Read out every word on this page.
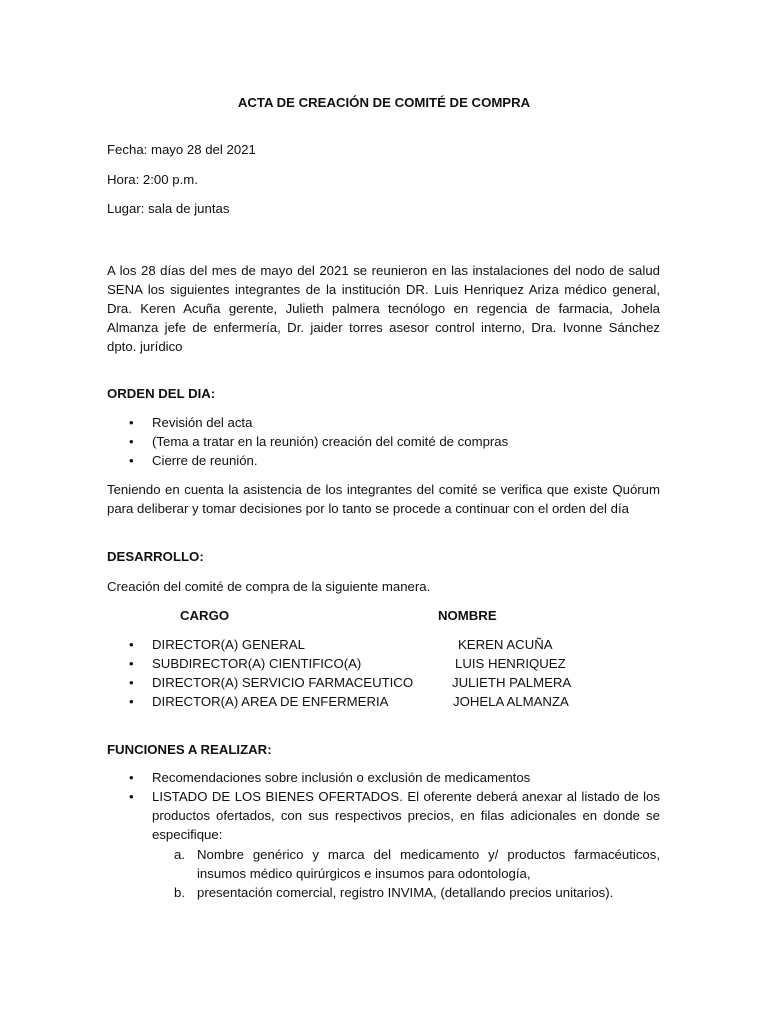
ACTA DE CREACIÓN DE COMITÉ DE COMPRA
Fecha: mayo 28 del 2021
Hora: 2:00 p.m.
Lugar: sala de juntas
A los 28 días del mes de mayo del 2021 se reunieron en las instalaciones del nodo de salud SENA los siguientes integrantes de la institución DR. Luis Henriquez Ariza médico general, Dra. Keren Acuña gerente, Julieth palmera tecnólogo en regencia de farmacia, Johela Almanza jefe de enfermería, Dr. jaider torres asesor control interno, Dra. Ivonne Sánchez dpto. jurídico
ORDEN DEL DIA:
• Revisión del acta
• (Tema a tratar en la reunión) creación del comité de compras
• Cierre de reunión.
Teniendo en cuenta la asistencia de los integrantes del comité se verifica que existe Quórum para deliberar y tomar decisiones por lo tanto se procede a continuar con el orden del día
DESARROLLO:
Creación del comité de compra de la siguiente manera.
CARGO	NOMBRE
• DIRECTOR(A) GENERAL	KEREN ACUÑA
• SUBDIRECTOR(A) CIENTIFICO(A)	LUIS HENRIQUEZ
• DIRECTOR(A) SERVICIO FARMACEUTICO	JULIETH PALMERA
• DIRECTOR(A) AREA DE ENFERMERIA	JOHELA ALMANZA
FUNCIONES A REALIZAR:
• Recomendaciones sobre inclusión o exclusión de medicamentos
• LISTADO DE LOS BIENES OFERTADOS. El oferente deberá anexar al listado de los productos ofertados, con sus respectivos precios, en filas adicionales en donde se especifique:
a. Nombre genérico y marca del medicamento y/ productos farmacéuticos, insumos médico quirúrgicos e insumos para odontología,
b. presentación comercial, registro INVIMA, (detallando precios unitarios).
